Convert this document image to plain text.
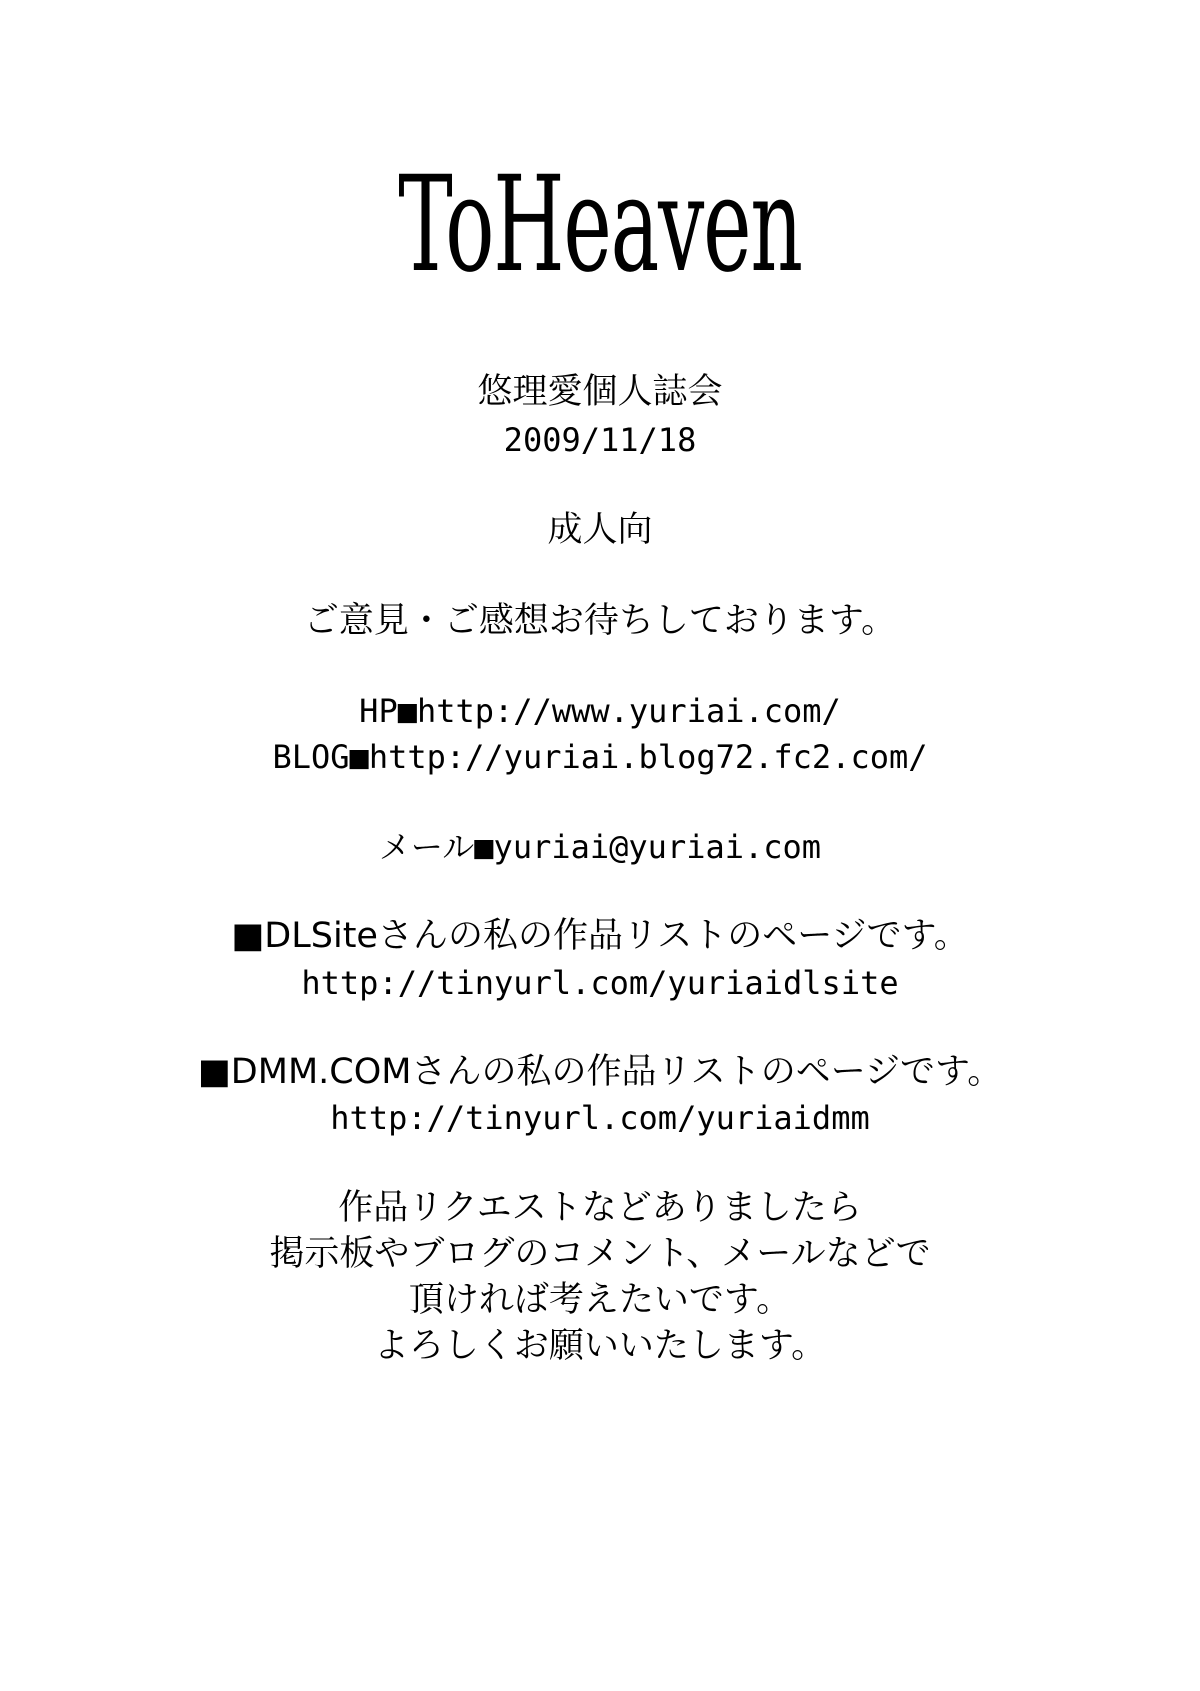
ToHeaven
悠理愛個人誌会
2009/11/18
成人向
ご意見・ご感想お待ちしております。
HP■http://www.yuriai.com/
BLOG■http://yuriai.blog72.fc2.com/
メール■yuriai@yuriai.com
■DLSiteさんの私の作品リストのページです。
http://tinyurl.com/yuriaidlsite
■DMM.COMさんの私の作品リストのページです。
http://tinyurl.com/yuriaidmm
作品リクエストなどありましたら
掲示板やブログのコメント、メールなどで
頂ければ考えたいです。
よろしくお願いいたします。
